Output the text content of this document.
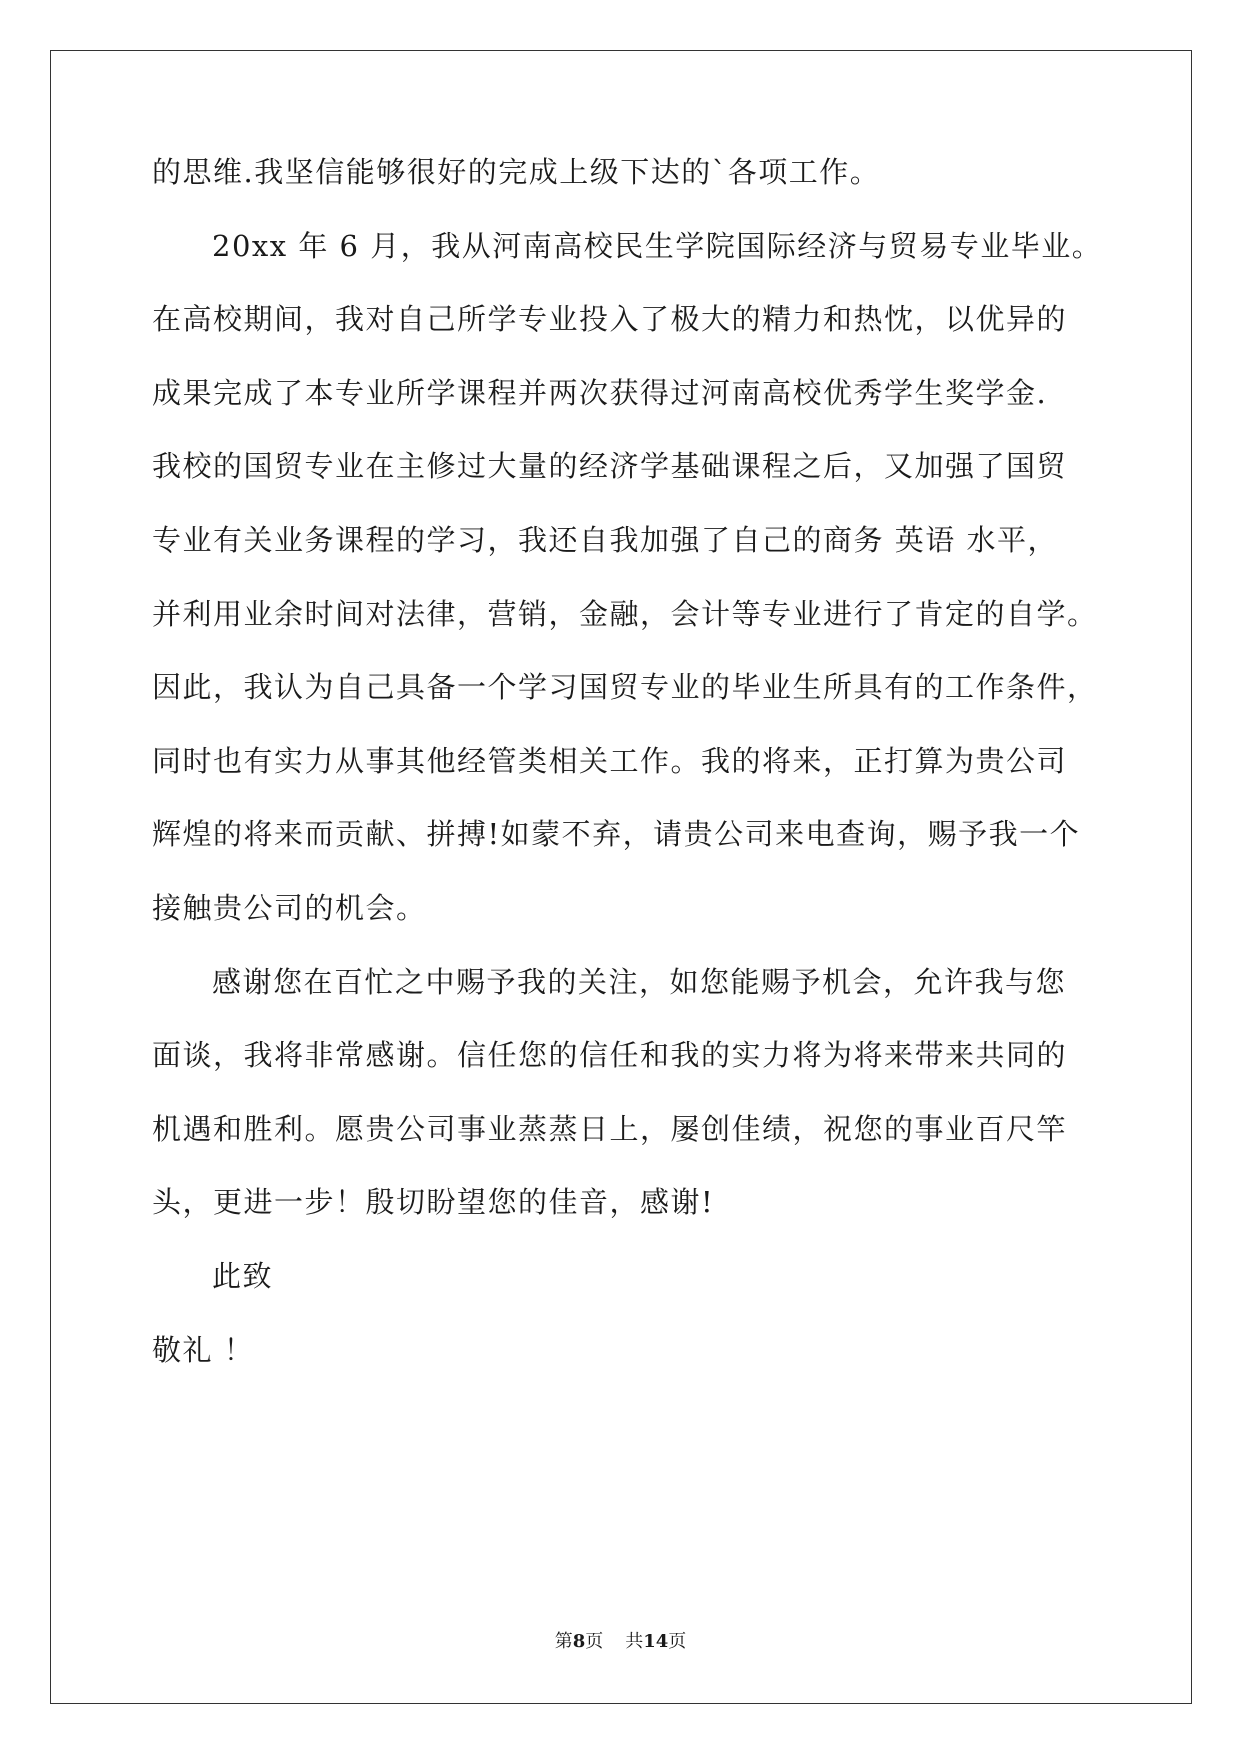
的思维.我坚信能够很好的完成上级下达的`各项工作。
20xx 年 6 月，我从河南高校民生学院国际经济与贸易专业毕业。
在高校期间，我对自己所学专业投入了极大的精力和热忱，以优异的
成果完成了本专业所学课程并两次获得过河南高校优秀学生奖学金.
我校的国贸专业在主修过大量的经济学基础课程之后，又加强了国贸
专业有关业务课程的学习，我还自我加强了自己的商务 英语 水平，
并利用业余时间对法律，营销，金融，会计等专业进行了肯定的自学。
因此，我认为自己具备一个学习国贸专业的毕业生所具有的工作条件，
同时也有实力从事其他经管类相关工作。我的将来，正打算为贵公司
辉煌的将来而贡献、拼搏!如蒙不弃，请贵公司来电查询，赐予我一个
接触贵公司的机会。
感谢您在百忙之中赐予我的关注，如您能赐予机会，允许我与您
面谈，我将非常感谢。信任您的信任和我的实力将为将来带来共同的
机遇和胜利。愿贵公司事业蒸蒸日上，屡创佳绩，祝您的事业百尺竿
头，更进一步！殷切盼望您的佳音，感谢!
此致
敬礼 ！
第8页 共14页
